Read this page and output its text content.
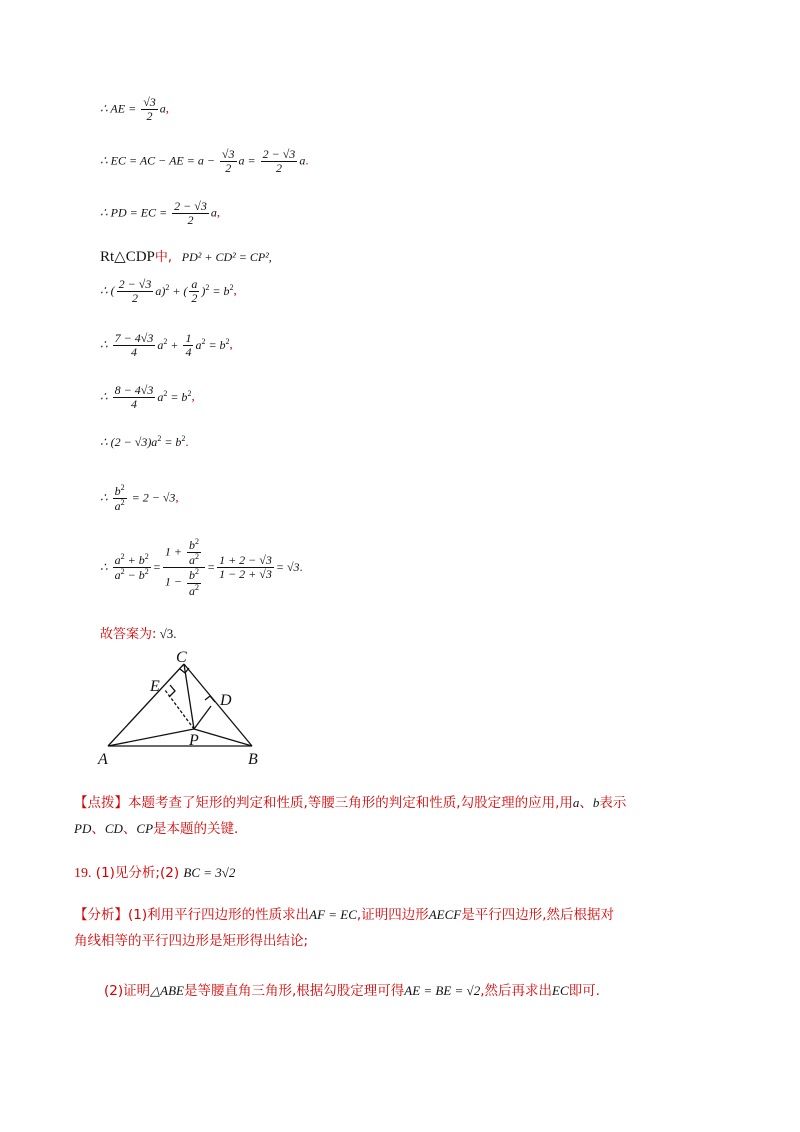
∴ AE = $\frac{√3}{2} a$,
∴ EC = AC − AE = $a - \frac{√3}{2}$ $a = \frac{2 - √3}{2} a$.
∴ PD = EC = $\frac{2 - √3}{2} a$,
Rt△CDP中, PD² + CD² = CP²,
∴ ( $\frac{2 - √3}{2} a)^2$ + ( $\frac{a}{2} )^2 = b^2$,
∴ $\frac{7 - 4√3}{4} a^2 + \frac{1}{4} a^2 = b^2$,
∴ $\frac{8 - 4√3}{4} a^2 = b^2$,
∴ $(2 - √3)a^2 = b^2$.
∴ $\frac{b^2}{a^2} = 2 - √3$,
∴ $\frac{a^2 + b^2}{a^2 - b^2} = \frac{1 + \frac{b^2}{a^2}}{1 - \frac{b^2}{a^2}} = \frac{1 + 2 - √3}{1 - 2 + √3} = √3$.
故答案为: √3.
C
E
D
P
A	B
【点拨】本题考查了矩形的判定和性质,等腰三角形的判定和性质,勾股定理的应用,用a、b表示
PD、CD、CP是本题的关键.
19. (1)见分析;(2) BC = 3√2
【分析】(1)利用平行四边形的性质求出AF = EC,证明四边形AECF是平行四边形,然后根据对
角线相等的平行四边形是矩形得出结论;
(2)证明△ABE是等腰直角三角形,根据勾股定理可得AE = BE = √2,然后再求出EC即可.
